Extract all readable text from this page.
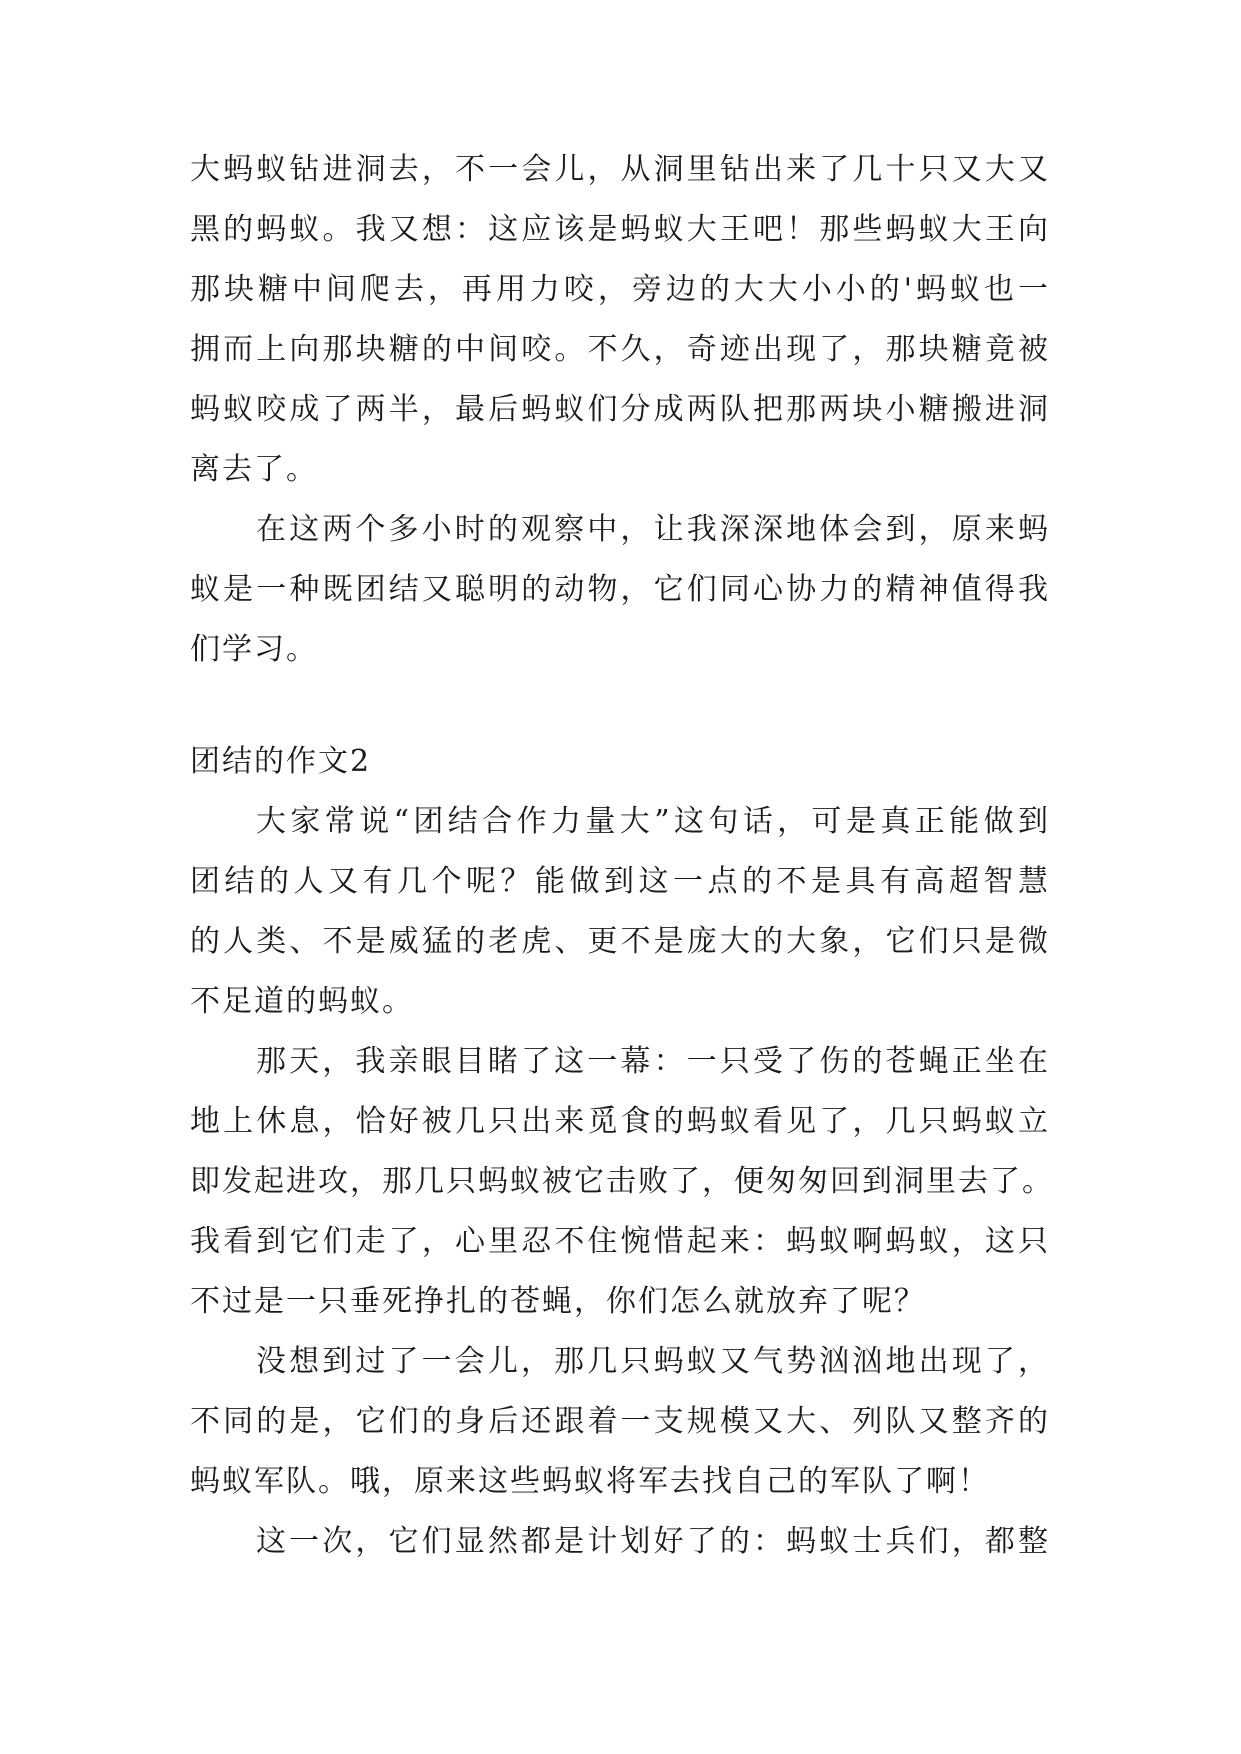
大蚂蚁钻进洞去，不一会儿，从洞里钻出来了几十只又大又
黑的蚂蚁。我又想：这应该是蚂蚁大王吧！那些蚂蚁大王向
那块糖中间爬去，再用力咬，旁边的大大小小的'蚂蚁也一
拥而上向那块糖的中间咬。不久，奇迹出现了，那块糖竟被
蚂蚁咬成了两半，最后蚂蚁们分成两队把那两块小糖搬进洞
离去了。
在这两个多小时的观察中，让我深深地体会到，原来蚂
蚁是一种既团结又聪明的动物，它们同心协力的精神值得我
们学习。
团结的作文2
大家常说“团结合作力量大”这句话，可是真正能做到
团结的人又有几个呢？能做到这一点的不是具有高超智慧
的人类、不是威猛的老虎、更不是庞大的大象，它们只是微
不足道的蚂蚁。
那天，我亲眼目睹了这一幕：一只受了伤的苍蝇正坐在
地上休息，恰好被几只出来觅食的蚂蚁看见了，几只蚂蚁立
即发起进攻，那几只蚂蚁被它击败了，便匆匆回到洞里去了。
我看到它们走了，心里忍不住惋惜起来：蚂蚁啊蚂蚁，这只
不过是一只垂死挣扎的苍蝇，你们怎么就放弃了呢？
没想到过了一会儿，那几只蚂蚁又气势汹汹地出现了，
不同的是，它们的身后还跟着一支规模又大、列队又整齐的
蚂蚁军队。哦，原来这些蚂蚁将军去找自己的军队了啊！
这一次，它们显然都是计划好了的：蚂蚁士兵们，都整
